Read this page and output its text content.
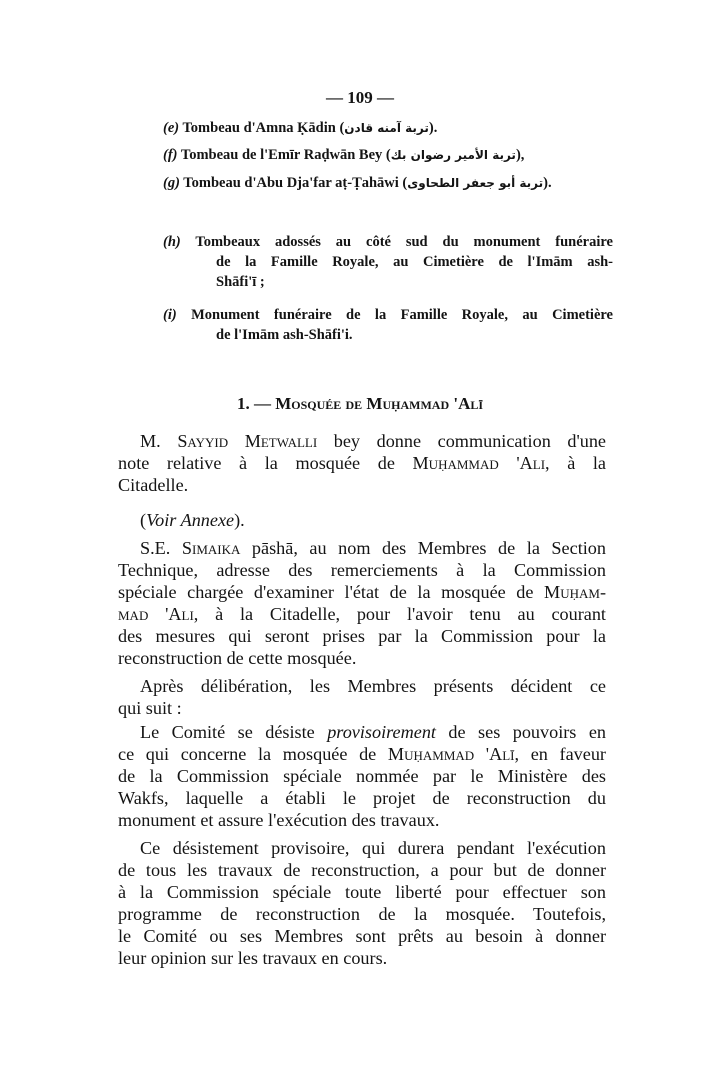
— 109 —
(e) Tombeau d'Amna Ḳādin (تربة آمنه قادن).
(f) Tombeau de l'Emīr Raḍwān Bey (تربة الأمير رضوان بك),
(g) Tombeau d'Abu Dja'far aṭ-Ṭahāwi (تربة أبو جعفر الطحاوى).
(h) Tombeaux adossés au côté sud du monument funéraire
de la Famille Royale, au Cimetière de l'Imām ash-
Shāfi'ī ;
(i) Monument funéraire de la Famille Royale, au Cimetière
de l'Imām ash-Shāfi'i.
1. — Mosquée de Muḥammad 'Alī
M. Sayyid Metwalli bey donne communication d'une
note relative à la mosquée de Muḥammad 'Ali, à la
Citadelle.
(Voir Annexe).
S.E. Simaika pāshā, au nom des Membres de la Section
Technique, adresse des remerciements à la Commission
spéciale chargée d'examiner l'état de la mosquée de Muḥam-
mad 'Ali, à la Citadelle, pour l'avoir tenu au courant
des mesures qui seront prises par la Commission pour la
reconstruction de cette mosquée.
Après délibération, les Membres présents décident ce
qui suit :
Le Comité se désiste provisoirement de ses pouvoirs en
ce qui concerne la mosquée de Muḥammad 'Alī, en faveur
de la Commission spéciale nommée par le Ministère des
Wakfs, laquelle a établi le projet de reconstruction du
monument et assure l'exécution des travaux.
Ce désistement provisoire, qui durera pendant l'exécution
de tous les travaux de reconstruction, a pour but de donner
à la Commission spéciale toute liberté pour effectuer son
programme de reconstruction de la mosquée. Toutefois,
le Comité ou ses Membres sont prêts au besoin à donner
leur opinion sur les travaux en cours.
